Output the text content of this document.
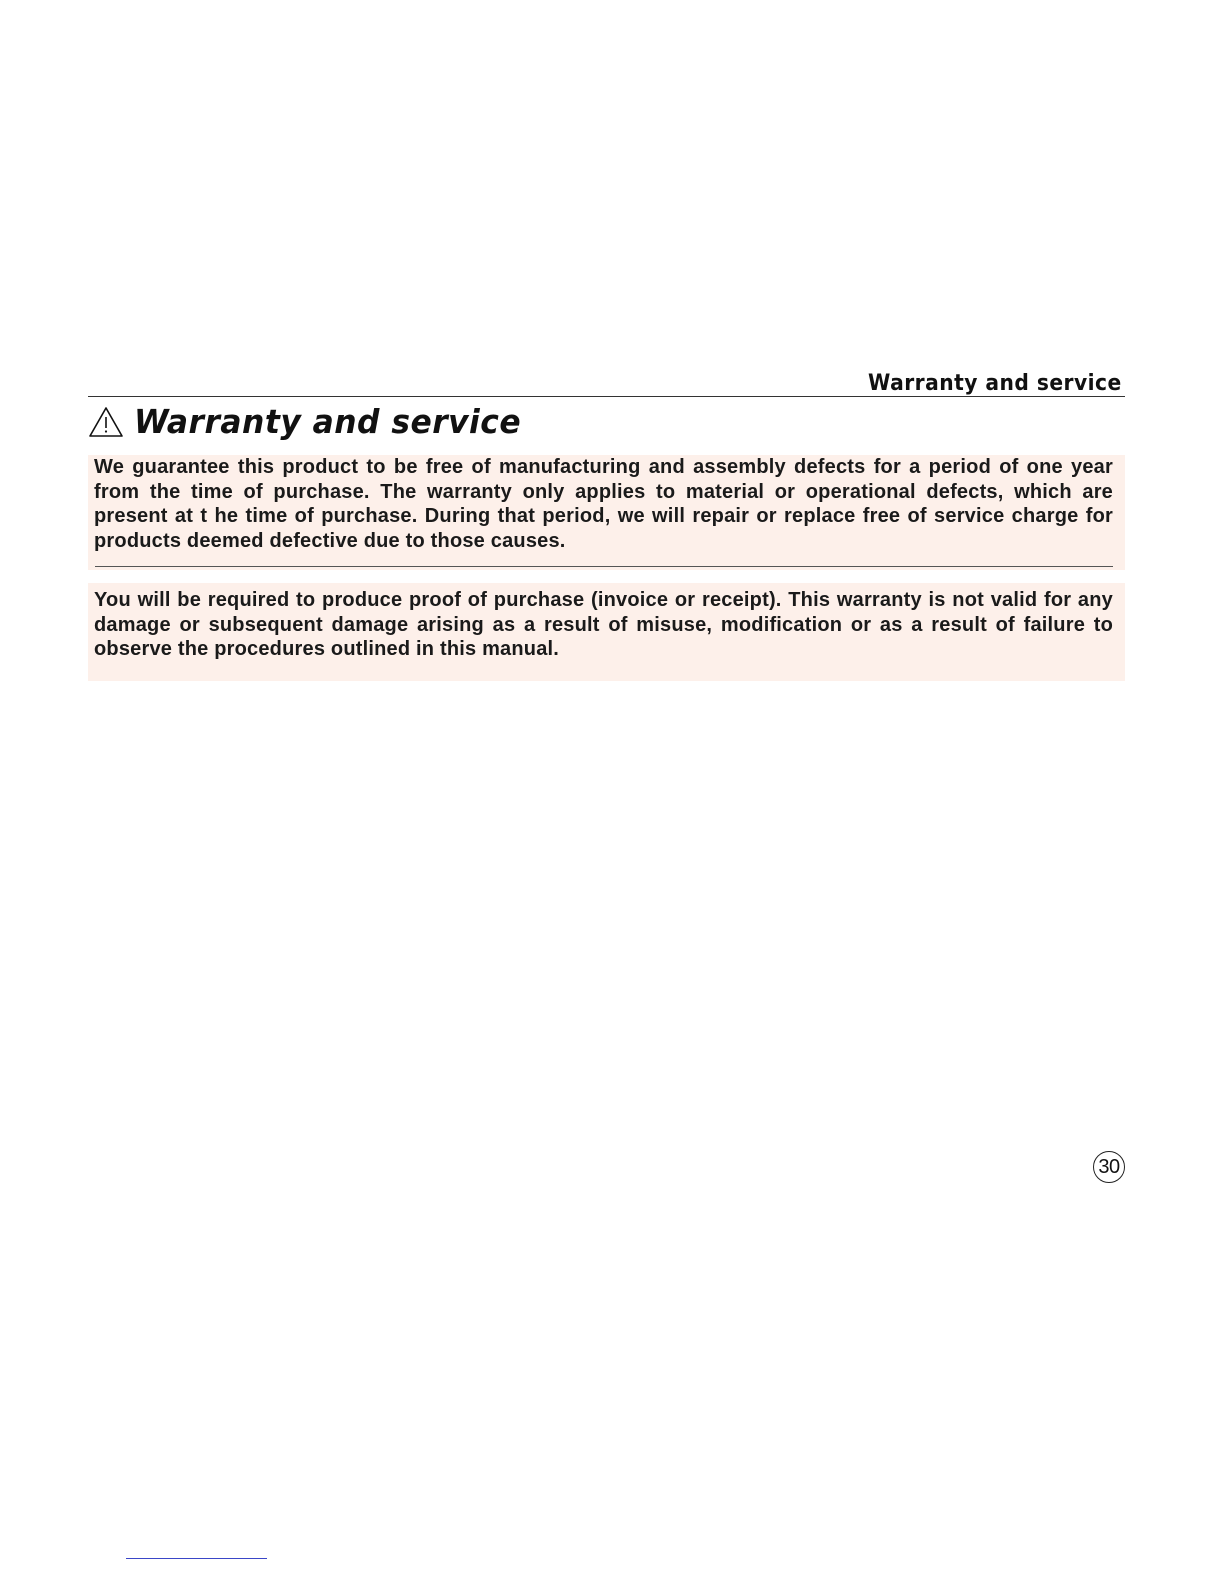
Warranty and service
Warranty and service

We guarantee this product to be free of manufacturing and assembly defects for a period of one year from the time of purchase. The warranty only applies to material or operational defects, which are present at t he time of purchase. During that period, we will repair or replace free of service charge for products deemed defective due to those causes.

You will be required to produce proof of purchase (invoice or receipt). This warranty is not valid for any damage or subsequent damage arising as a result of misuse, modification or as a result of failure to observe the procedures outlined in this manual.

30
